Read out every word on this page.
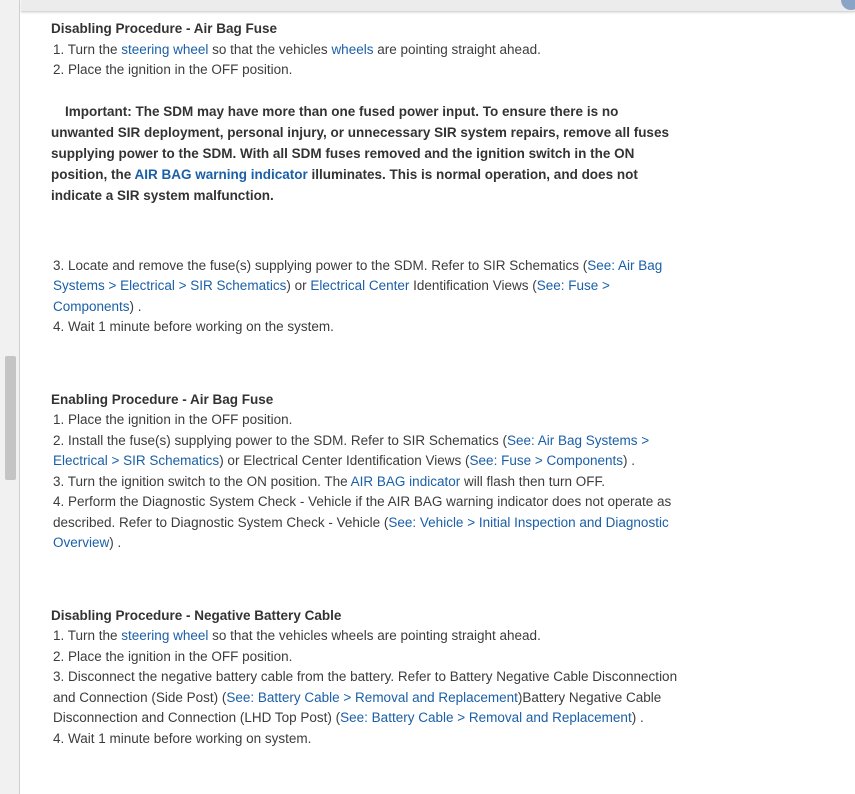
Disabling Procedure - Air Bag Fuse
1. Turn the steering wheel so that the vehicles wheels are pointing straight ahead.
2. Place the ignition in the OFF position.
Important: The SDM may have more than one fused power input. To ensure there is no unwanted SIR deployment, personal injury, or unnecessary SIR system repairs, remove all fuses supplying power to the SDM. With all SDM fuses removed and the ignition switch in the ON position, the AIR BAG warning indicator illuminates. This is normal operation, and does not indicate a SIR system malfunction.
3. Locate and remove the fuse(s) supplying power to the SDM. Refer to SIR Schematics (See: Air Bag Systems > Electrical > SIR Schematics) or Electrical Center Identification Views (See: Fuse > Components) .
4. Wait 1 minute before working on the system.
Enabling Procedure - Air Bag Fuse
1. Place the ignition in the OFF position.
2. Install the fuse(s) supplying power to the SDM. Refer to SIR Schematics (See: Air Bag Systems > Electrical > SIR Schematics) or Electrical Center Identification Views (See: Fuse > Components) .
3. Turn the ignition switch to the ON position. The AIR BAG indicator will flash then turn OFF.
4. Perform the Diagnostic System Check - Vehicle if the AIR BAG warning indicator does not operate as described. Refer to Diagnostic System Check - Vehicle (See: Vehicle > Initial Inspection and Diagnostic Overview) .
Disabling Procedure - Negative Battery Cable
1. Turn the steering wheel so that the vehicles wheels are pointing straight ahead.
2. Place the ignition in the OFF position.
3. Disconnect the negative battery cable from the battery. Refer to Battery Negative Cable Disconnection and Connection (Side Post) (See: Battery Cable > Removal and Replacement)Battery Negative Cable Disconnection and Connection (LHD Top Post) (See: Battery Cable > Removal and Replacement) .
4. Wait 1 minute before working on system.
